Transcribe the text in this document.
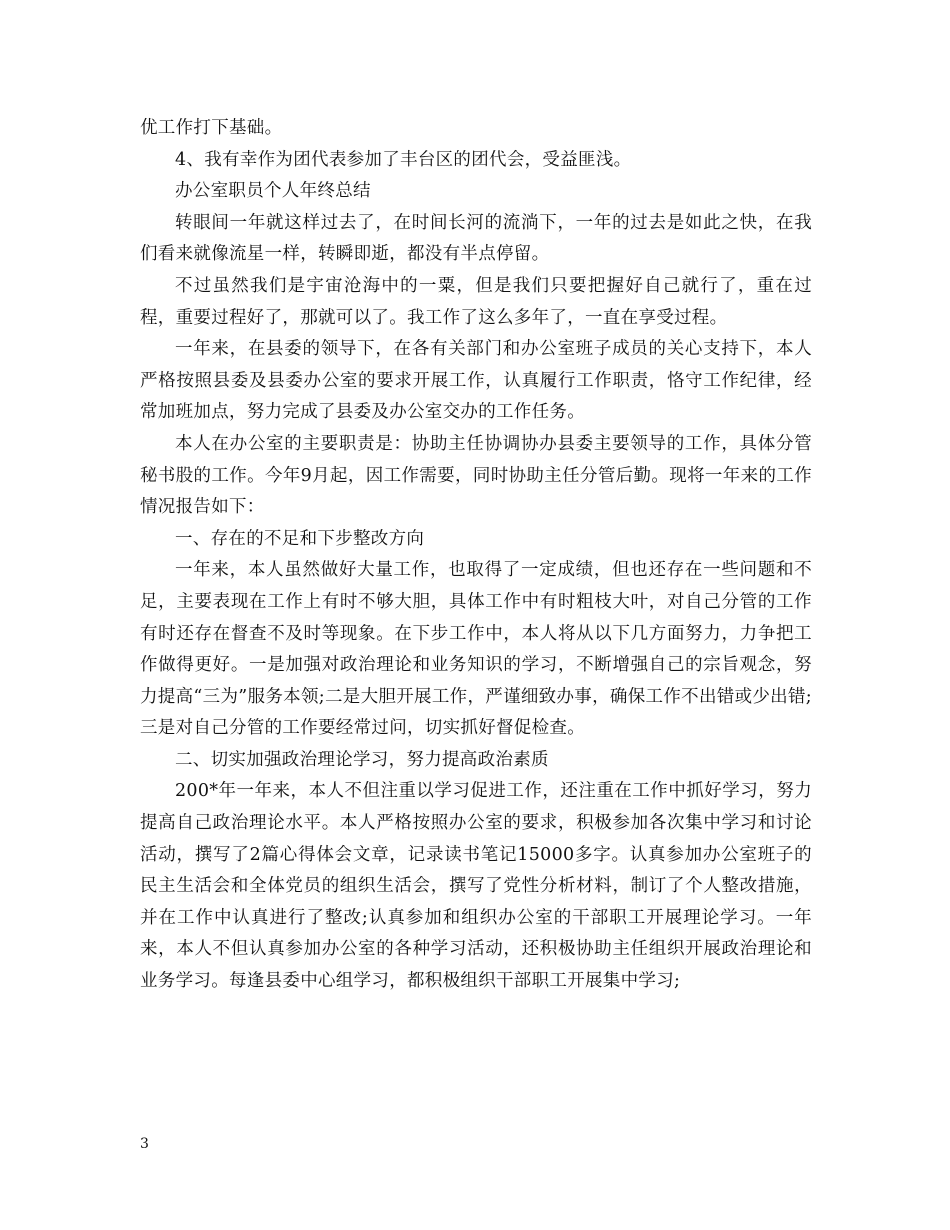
优工作打下基础。

4、我有幸作为团代表参加了丰台区的团代会，受益匪浅。

办公室职员个人年终总结

转眼间一年就这样过去了，在时间长河的流淌下，一年的过去是如此之快，在我们看来就像流星一样，转瞬即逝，都没有半点停留。

不过虽然我们是宇宙沧海中的一粟，但是我们只要把握好自己就行了，重在过程，重要过程好了，那就可以了。我工作了这么多年了，一直在享受过程。

一年来，在县委的领导下，在各有关部门和办公室班子成员的关心支持下，本人严格按照县委及县委办公室的要求开展工作，认真履行工作职责，恪守工作纪律，经常加班加点，努力完成了县委及办公室交办的工作任务。

本人在办公室的主要职责是：协助主任协调协办县委主要领导的工作，具体分管秘书股的工作。今年9月起，因工作需要，同时协助主任分管后勤。现将一年来的工作情况报告如下：

一、存在的不足和下步整改方向

一年来，本人虽然做好大量工作，也取得了一定成绩，但也还存在一些问题和不足，主要表现在工作上有时不够大胆，具体工作中有时粗枝大叶，对自己分管的工作有时还存在督查不及时等现象。在下步工作中，本人将从以下几方面努力，力争把工作做得更好。一是加强对政治理论和业务知识的学习，不断增强自己的宗旨观念，努力提高“三为”服务本领;二是大胆开展工作，严谨细致办事，确保工作不出错或少出错;三是对自己分管的工作要经常过问，切实抓好督促检查。

二、切实加强政治理论学习，努力提高政治素质

200*年一年来，本人不但注重以学习促进工作，还注重在工作中抓好学习，努力提高自己政治理论水平。本人严格按照办公室的要求，积极参加各次集中学习和讨论活动，撰写了2篇心得体会文章，记录读书笔记15000多字。认真参加办公室班子的民主生活会和全体党员的组织生活会，撰写了党性分析材料，制订了个人整改措施，并在工作中认真进行了整改;认真参加和组织办公室的干部职工开展理论学习。一年来，本人不但认真参加办公室的各种学习活动，还积极协助主任组织开展政治理论和业务学习。每逢县委中心组学习，都积极组织干部职工开展集中学习;

3
